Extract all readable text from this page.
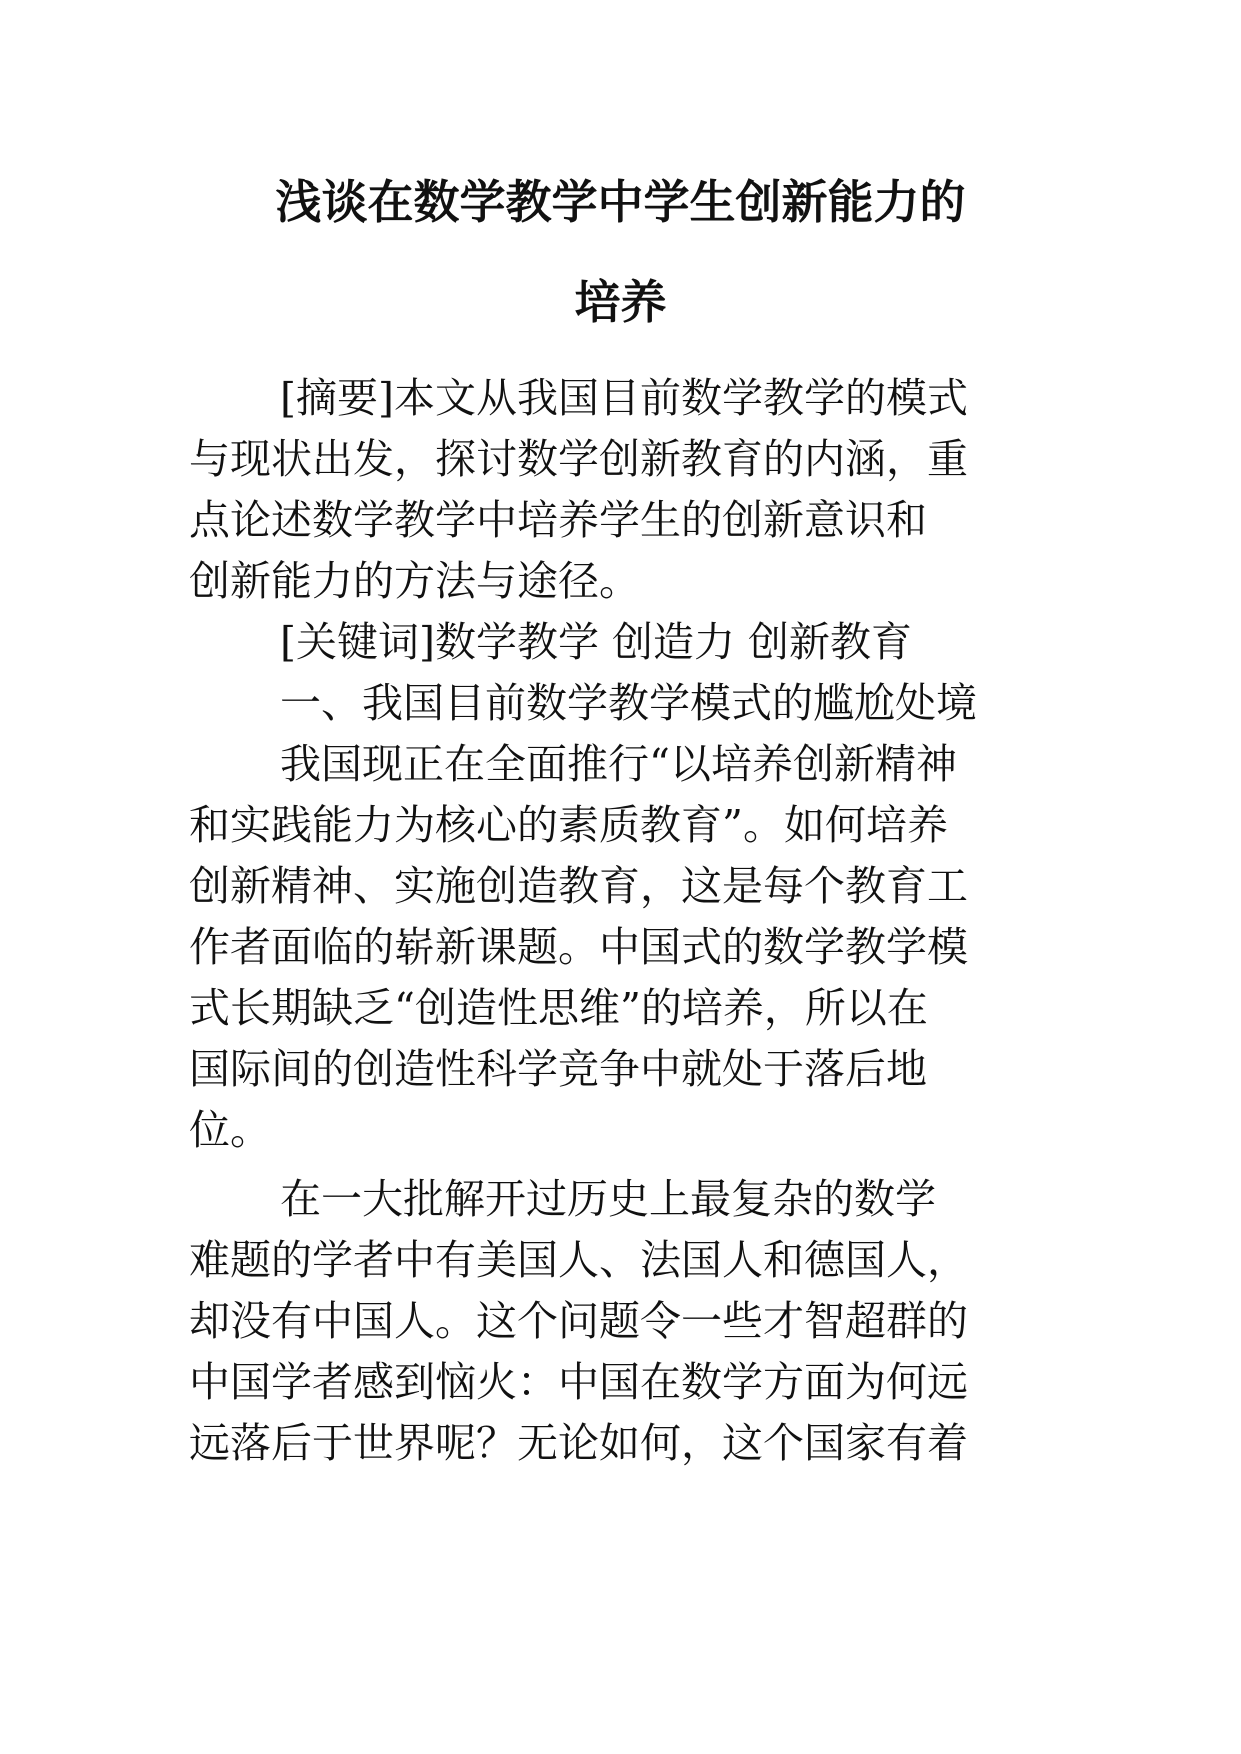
浅谈在数学教学中学生创新能力的
培养

[摘要]本文从我国目前数学教学的模式

与现状出发，探讨数学创新教育的内涵，重

点论述数学教学中培养学生的创新意识和

创新能力的方法与途径。

[关键词]数学教学 创造力 创新教育

一、我国目前数学教学模式的尴尬处境

我国现正在全面推行“以培养创新精神

和实践能力为核心的素质教育”。如何培养

创新精神、实施创造教育，这是每个教育工

作者面临的崭新课题。中国式的数学教学模

式长期缺乏“创造性思维”的培养，所以在

国际间的创造性科学竞争中就处于落后地

位。

在一大批解开过历史上最复杂的数学

难题的学者中有美国人、法国人和德国人，

却没有中国人。这个问题令一些才智超群的

中国学者感到恼火：中国在数学方面为何远

远落后于世界呢？无论如何，这个国家有着
